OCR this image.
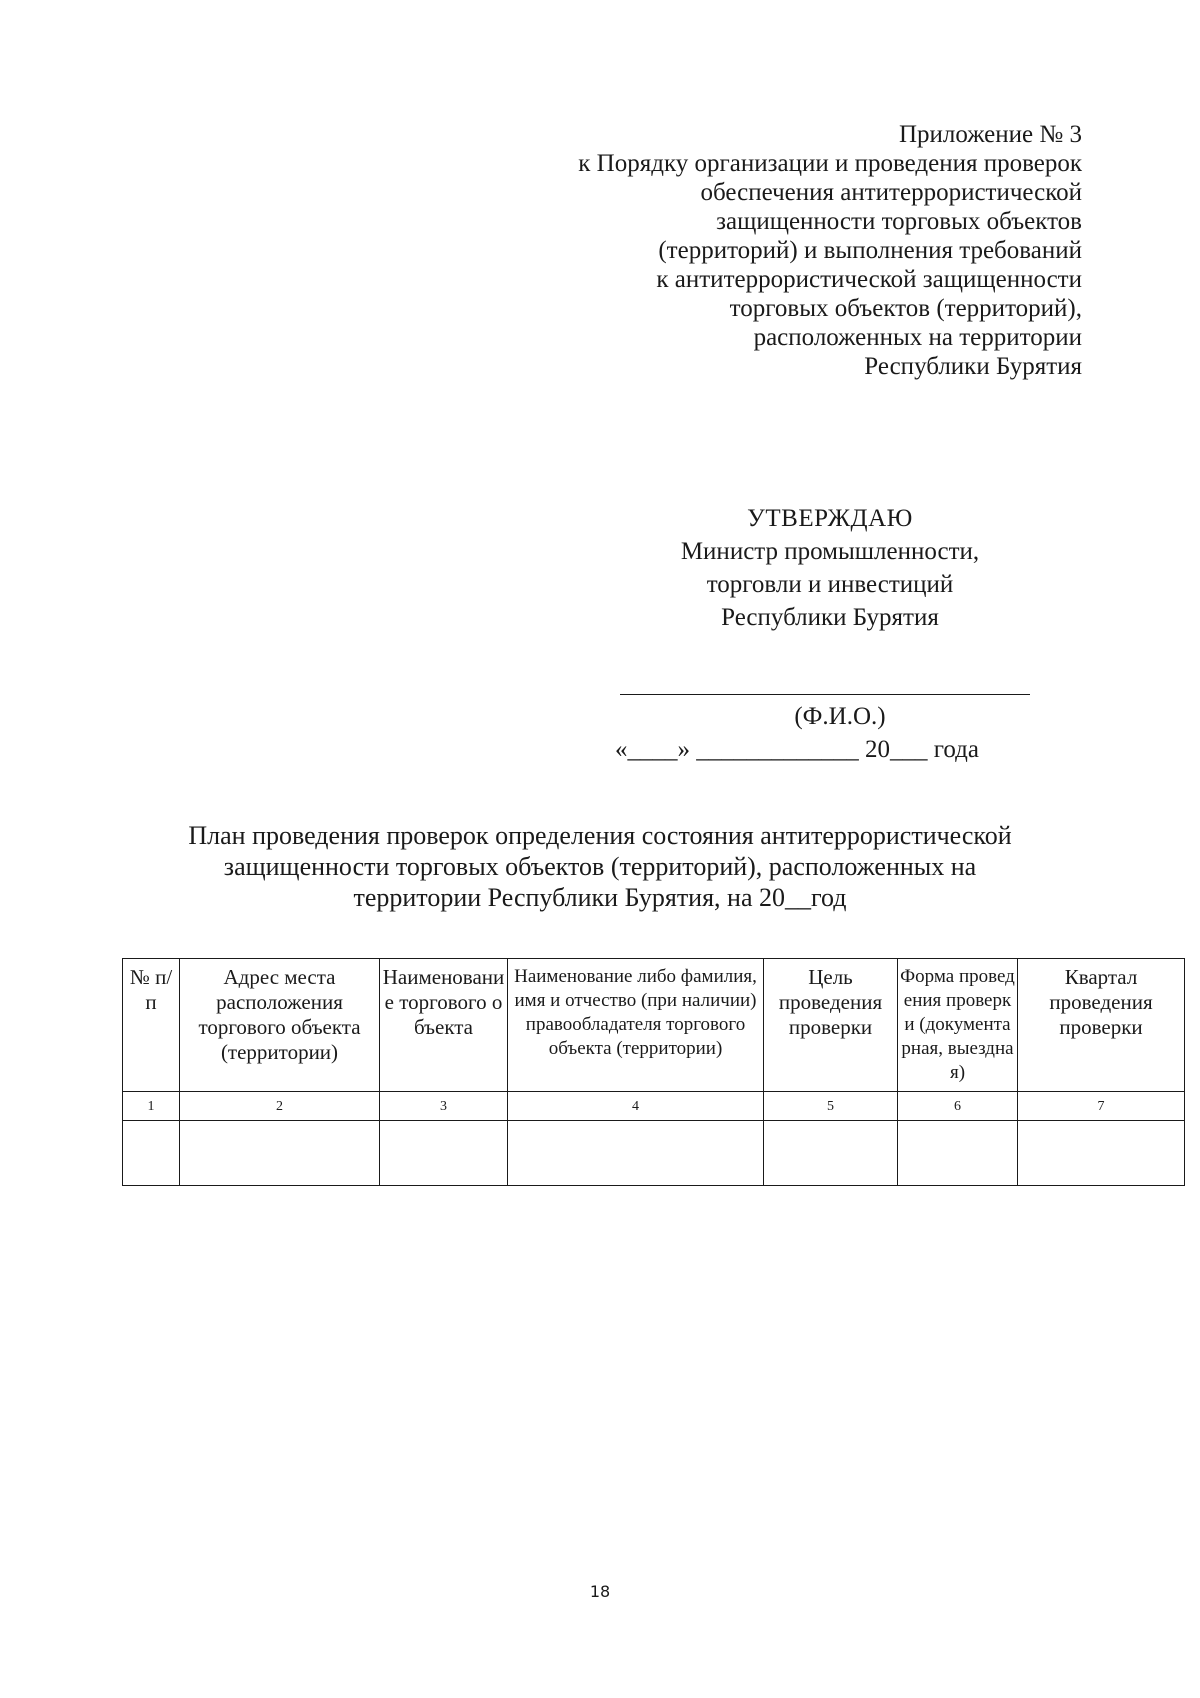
Приложение № 3
к Порядку организации и проведения проверок
обеспечения антитеррористической
защищенности торговых объектов
(территорий) и выполнения требований
к антитеррористической защищенности
торговых объектов (территорий),
расположенных на территории
Республики Бурятия
УТВЕРЖДАЮ
Министр промышленности,
торговли и инвестиций
Республики Бурятия
(Ф.И.О.)
«____» _____________ 20___ года
План проведения проверок определения состояния антитеррористической
защищенности торговых объектов (территорий), расположенных на
территории Республики Бурятия, на 20__год
№ п/п	Адрес места расположения торгового объекта (территории)	Наименование торгового объекта	Наименование либо фамилия, имя и отчество (при наличии) правообладателя торгового объекта (территории)	Цель проведения проверки	Форма проведения проверки (документарная, выездная)	Квартал проведения проверки
1	2	3	4	5	6	7

18
